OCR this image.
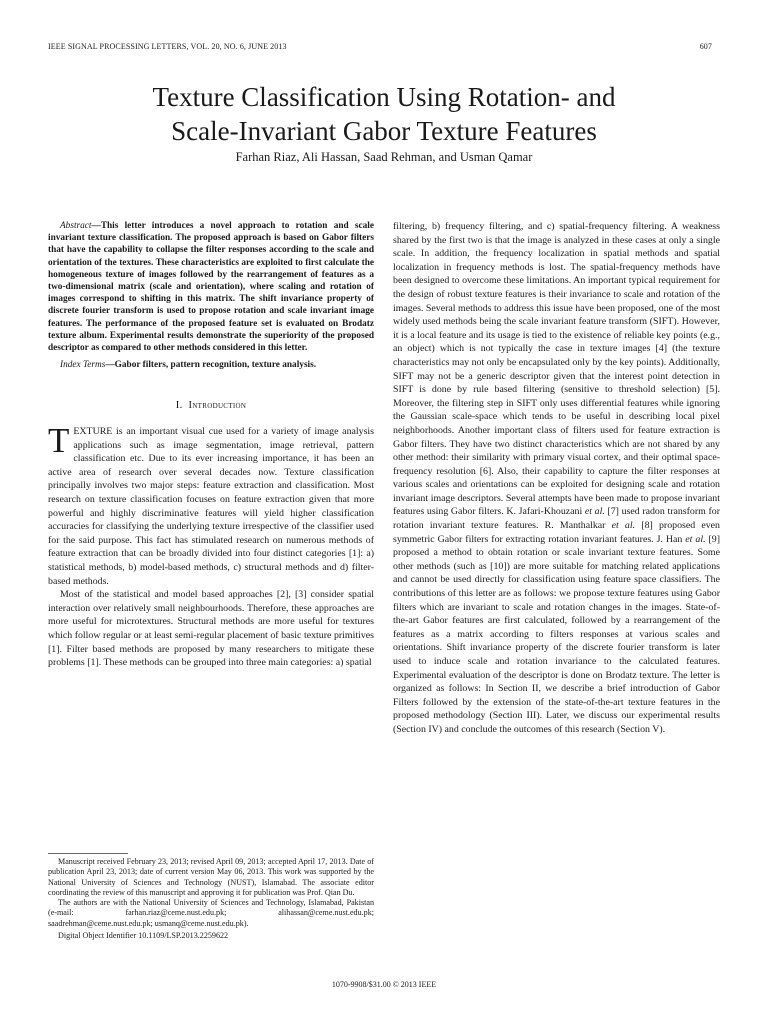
IEEE SIGNAL PROCESSING LETTERS, VOL. 20, NO. 6, JUNE 2013	607
Texture Classification Using Rotation- and
Scale-Invariant Gabor Texture Features
Farhan Riaz, Ali Hassan, Saad Rehman, and Usman Qamar

Abstract—This letter introduces a novel approach to rotation and scale invariant texture classification. The proposed approach is based on Gabor filters that have the capability to collapse the filter responses according to the scale and orientation of the textures. These characteristics are exploited to first calculate the homogeneous texture of images followed by the rearrangement of features as a two-dimensional matrix (scale and orientation), where scaling and rotation of images correspond to shifting in this matrix. The shift invariance property of discrete fourier transform is used to propose rotation and scale invariant image features. The performance of the proposed feature set is evaluated on Brodatz texture album. Experimental results demonstrate the superiority of the proposed descriptor as compared to other methods considered in this letter.

Index Terms—Gabor filters, pattern recognition, texture analysis.

I. Introduction

TEXTURE is an important visual cue used for a variety of image analysis applications such as image segmentation, image retrieval, pattern classification etc. Due to its ever increasing importance, it has been an active area of research over several decades now. Texture classification principally involves two major steps: feature extraction and classification. Most research on texture classification focuses on feature extraction given that more powerful and highly discriminative features will yield higher classification accuracies for classifying the underlying texture irrespective of the classifier used for the said purpose. This fact has stimulated research on numerous methods of feature extraction that can be broadly divided into four distinct categories [1]: a) statistical methods, b) model-based methods, c) structural methods and d) filter-based methods.

Most of the statistical and model based approaches [2], [3] consider spatial interaction over relatively small neighbourhoods. Therefore, these approaches are more useful for microtextures. Structural methods are more useful for textures which follow regular or at least semi-regular placement of basic texture primitives [1]. Filter based methods are proposed by many researchers to mitigate these problems [1]. These methods can be grouped into three main categories: a) spatial

Manuscript received February 23, 2013; revised April 09, 2013; accepted April 17, 2013. Date of publication April 23, 2013; date of current version May 06, 2013. This work was supported by the National University of Sciences and Technology (NUST), Islamabad. The associate editor coordinating the review of this manuscript and approving it for publication was Prof. Qian Du.

The authors are with the National University of Sciences and Technology, Islamabad, Pakistan (e-mail: farhan.riaz@ceme.nust.edu.pk; alihassan@ceme.nust.edu.pk; saadrehman@ceme.nust.edu.pk; usmanq@ceme.nust.edu.pk).

Digital Object Identifier 10.1109/LSP.2013.2259622

filtering, b) frequency filtering, and c) spatial-frequency filtering. A weakness shared by the first two is that the image is analyzed in these cases at only a single scale. In addition, the frequency localization in spatial methods and spatial localization in frequency methods is lost. The spatial-frequency methods have been designed to overcome these limitations. An important typical requirement for the design of robust texture features is their invariance to scale and rotation of the images. Several methods to address this issue have been proposed, one of the most widely used methods being the scale invariant feature transform (SIFT). However, it is a local feature and its usage is tied to the existence of reliable key points (e.g., an object) which is not typically the case in texture images [4] (the texture characteristics may not only be encapsulated only by the key points). Additionally, SIFT may not be a generic descriptor given that the interest point detection in SIFT is done by rule based filtering (sensitive to threshold selection) [5]. Moreover, the filtering step in SIFT only uses differential features while ignoring the Gaussian scale-space which tends to be useful in describing local pixel neighborhoods. Another important class of filters used for feature extraction is Gabor filters. They have two distinct characteristics which are not shared by any other method: their similarity with primary visual cortex, and their optimal space-frequency resolution [6]. Also, their capability to capture the filter responses at various scales and orientations can be exploited for designing scale and rotation invariant image descriptors. Several attempts have been made to propose invariant features using Gabor filters. K. Jafari-Khouzani et al. [7] used radon transform for rotation invariant texture features. R. Manthalkar et al. [8] proposed even symmetric Gabor filters for extracting rotation invariant features. J. Han et al. [9] proposed a method to obtain rotation or scale invariant texture features. Some other methods (such as [10]) are more suitable for matching related applications and cannot be used directly for classification using feature space classifiers. The contributions of this letter are as follows: we propose texture features using Gabor filters which are invariant to scale and rotation changes in the images. State-of-the-art Gabor features are first calculated, followed by a rearrangement of the features as a matrix according to filters responses at various scales and orientations. Shift invariance property of the discrete fourier transform is later used to induce scale and rotation invariance to the calculated features. Experimental evaluation of the descriptor is done on Brodatz texture. The letter is organized as follows: In Section II, we describe a brief introduction of Gabor Filters followed by the extension of the state-of-the-art texture features in the proposed methodology (Section III). Later, we discuss our experimental results (Section IV) and conclude the outcomes of this research (Section V).

1070-9908/$31.00 © 2013 IEEE
